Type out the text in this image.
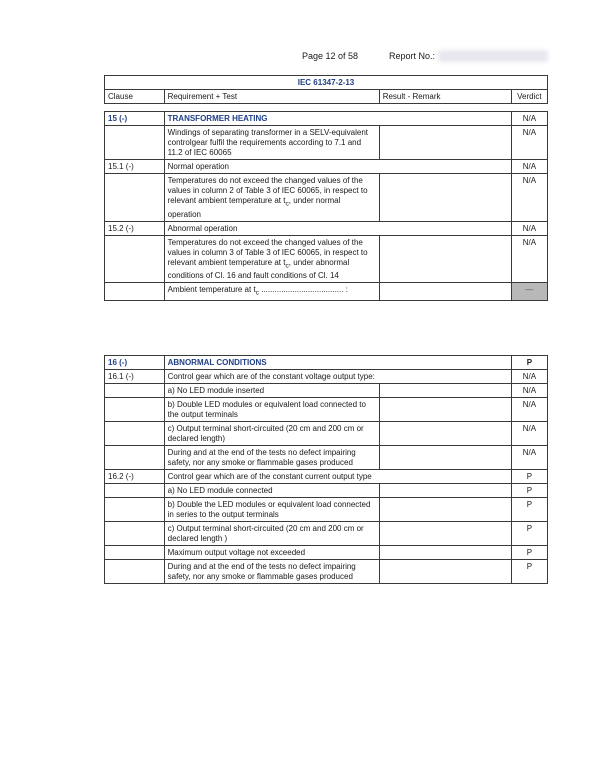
Page 12 of 58	Report No.:
IEC 61347-2-13			
Clause	Requirement + Test	Result - Remark	Verdict

15 (-)	TRANSFORMER HEATING		N/A
	Windings of separating transformer in a SELV-equivalent controlgear fulfil the requirements according to 7.1 and 11.2 of IEC 60065		N/A
15.1 (-)	Normal operation		N/A
	Temperatures do not exceed the changed values of the values in column 2 of Table 3 of IEC 60065, in respect to relevant ambient temperature at $t_c$, under normal operation		N/A
15.2 (-)	Abnormal operation		N/A
	Temperatures do not exceed the changed values of the values in column 3 of Table 3 of IEC 60065, in respect to relevant ambient temperature at $t_c$, under abnormal conditions of Cl. 16 and fault conditions of Cl. 14		N/A
	Ambient temperature at $t_c$ ..................................... :		—
16 (-)	ABNORMAL CONDITIONS		P
16.1 (-)	Control gear which are of the constant voltage output type:		N/A
	a) No LED module inserted		N/A
	b) Double LED modules or equivalent load connected to the output terminals		N/A
	c) Output terminal short-circuited (20 cm and 200 cm or declared length)		N/A
	During and at the end of the tests no defect impairing safety, nor any smoke or flammable gases produced		N/A
16.2 (-)	Control gear which are of the constant current output type		P
	a) No LED module connected		P
	b) Double the LED modules or equivalent load connected in series to the output terminals		P
	c) Output terminal short-circuited (20 cm and 200 cm or declared length )		P
	Maximum output voltage not exceeded		P
	During and at the end of the tests no defect impairing safety, nor any smoke or flammable gases produced		P
